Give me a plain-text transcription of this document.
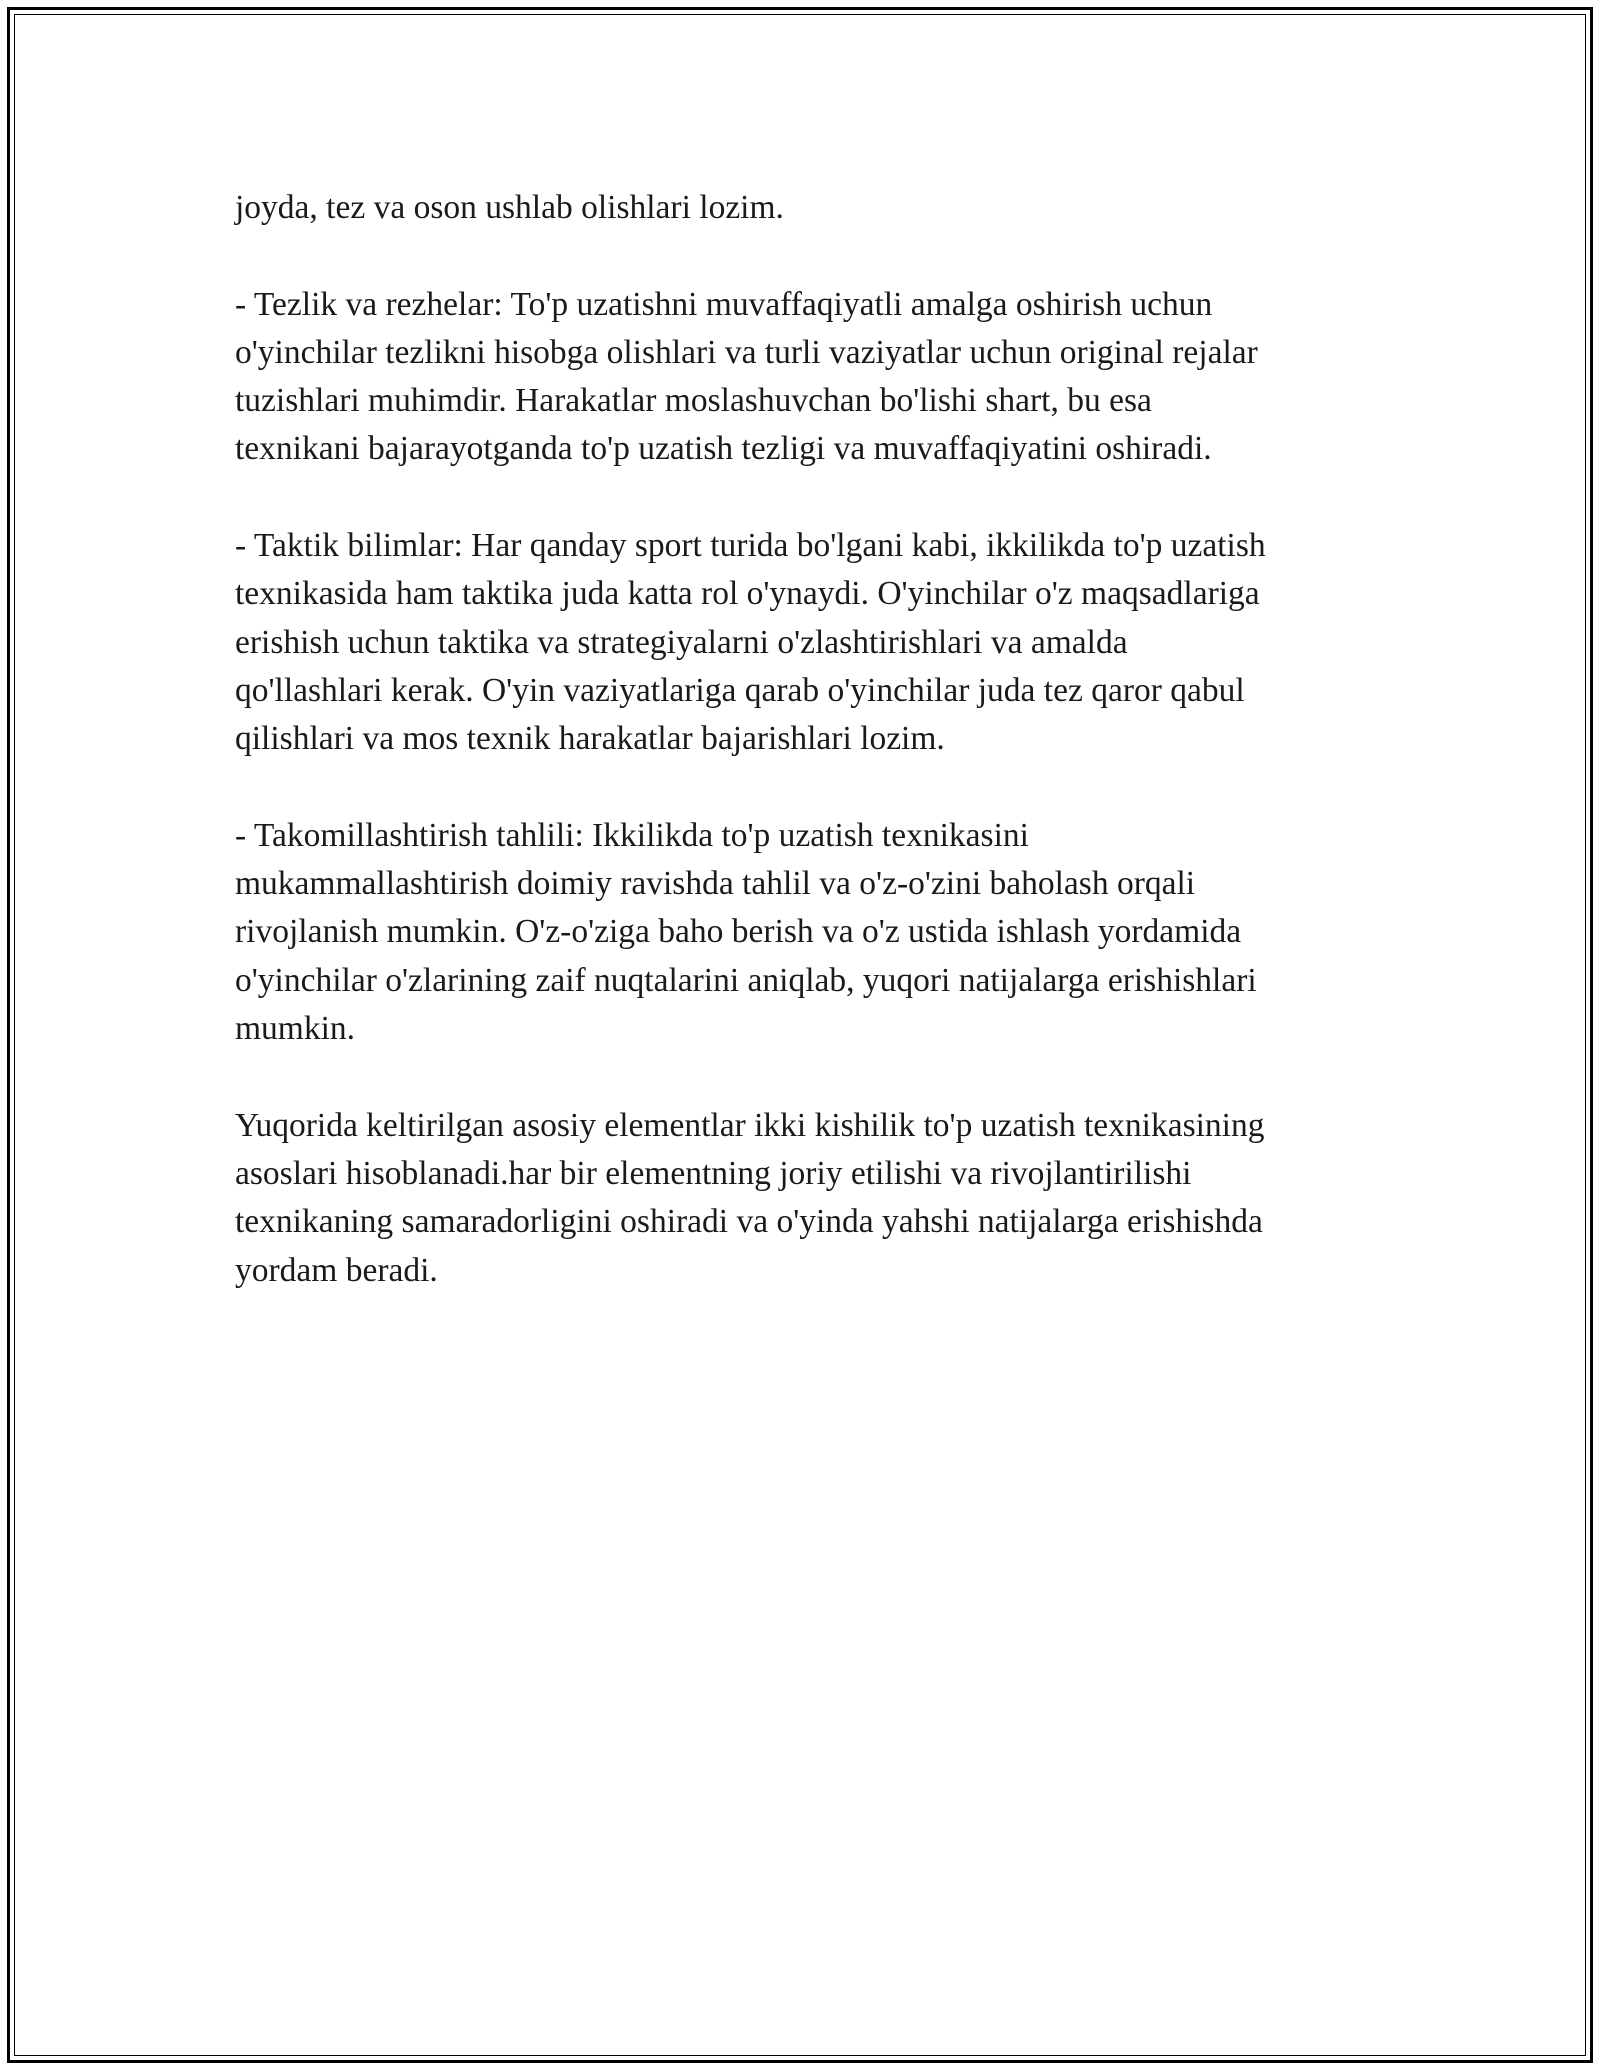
joyda, tez va oson ushlab olishlari lozim.

- Tezlik va rezhelar: To'p uzatishni muvaffaqiyatli amalga oshirish uchun
o'yinchilar tezlikni hisobga olishlari va turli vaziyatlar uchun original rejalar
tuzishlari muhimdir. Harakatlar moslashuvchan bo'lishi shart, bu esa
texnikani bajarayotganda to'p uzatish tezligi va muvaffaqiyatini oshiradi.

- Taktik bilimlar: Har qanday sport turida bo'lgani kabi, ikkilikda to'p uzatish
texnikasida ham taktika juda katta rol o'ynaydi. O'yinchilar o'z maqsadlariga
erishish uchun taktika va strategiyalarni o'zlashtirishlari va amalda
qo'llashlari kerak. O'yin vaziyatlariga qarab o'yinchilar juda tez qaror qabul
qilishlari va mos texnik harakatlar bajarishlari lozim.

- Takomillashtirish tahlili: Ikkilikda to'p uzatish texnikasini
mukammallashtirish doimiy ravishda tahlil va o'z-o'zini baholash orqali
rivojlanish mumkin. O'z-o'ziga baho berish va o'z ustida ishlash yordamida
o'yinchilar o'zlarining zaif nuqtalarini aniqlab, yuqori natijalarga erishishlari
mumkin.

Yuqorida keltirilgan asosiy elementlar ikki kishilik to'p uzatish texnikasining
asoslari hisoblanadi.har bir elementning joriy etilishi va rivojlantirilishi
texnikaning samaradorligini oshiradi va o'yinda yahshi natijalarga erishishda
yordam beradi.
